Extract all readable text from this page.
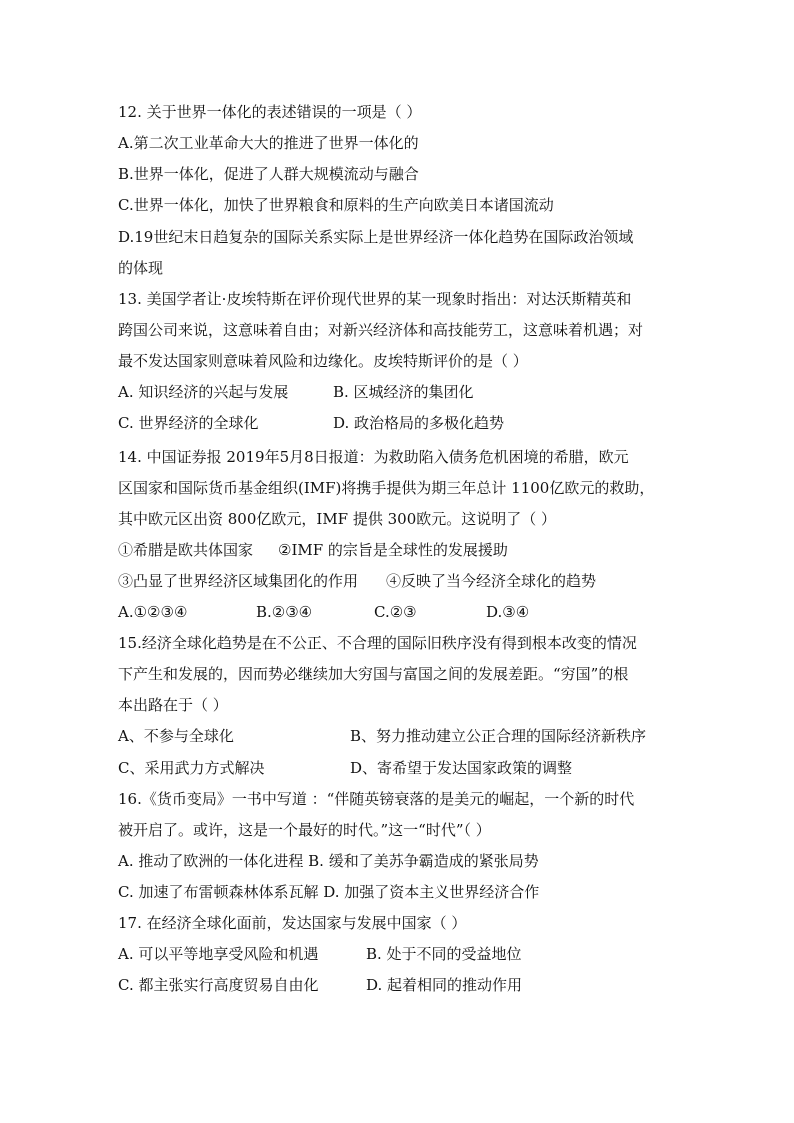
12. 关于世界一体化的表述错误的一项是（ ）
A.第二次工业革命大大的推进了世界一体化的
B.世界一体化，促进了人群大规模流动与融合
C.世界一体化，加快了世界粮食和原料的生产向欧美日本诸国流动
D.19世纪末日趋复杂的国际关系实际上是世界经济一体化趋势在国际政治领域
的体现
13. 美国学者让·皮埃特斯在评价现代世界的某一现象时指出：对达沃斯精英和
跨国公司来说，这意味着自由；对新兴经济体和高技能劳工，这意味着机遇；对
最不发达国家则意味着风险和边缘化。皮埃特斯评价的是（ ）
A. 知识经济的兴起与发展	B. 区城经济的集团化
C. 世界经济的全球化	D. 政治格局的多极化趋势
14. 中国证券报 2019年5月8日报道：为救助陷入债务危机困境的希腊，欧元
区国家和国际货币基金组织(IMF)将携手提供为期三年总计 1100亿欧元的救助，
其中欧元区出资 800亿欧元，IMF 提供 300欧元。这说明了（ ）
①希腊是欧共体国家 ②IMF 的宗旨是全球性的发展援助
③凸显了世界经济区域集团化的作用 ④反映了当今经济全球化的趋势
A.①②③④	B.②③④	C.②③	D.③④
15.经济全球化趋势是在不公正、不合理的国际旧秩序没有得到根本改变的情况
下产生和发展的，因而势必继续加大穷国与富国之间的发展差距。“穷国”的根
本出路在于（ ）
A、不参与全球化	B、努力推动建立公正合理的国际经济新秩序
C、采用武力方式解决	D、寄希望于发达国家政策的调整
16.《货币变局》一书中写道 ：“伴随英镑衰落的是美元的崛起，一个新的时代
被开启了。或许，这是一个最好的时代。”这一“时代”（ ）
A. 推动了欧洲的一体化进程 B. 缓和了美苏争霸造成的紧张局势
C. 加速了布雷顿森林体系瓦解 D. 加强了资本主义世界经济合作
17. 在经济全球化面前，发达国家与发展中国家（ ）
A. 可以平等地享受风险和机遇	B. 处于不同的受益地位
C. 都主张实行高度贸易自由化	D. 起着相同的推动作用
